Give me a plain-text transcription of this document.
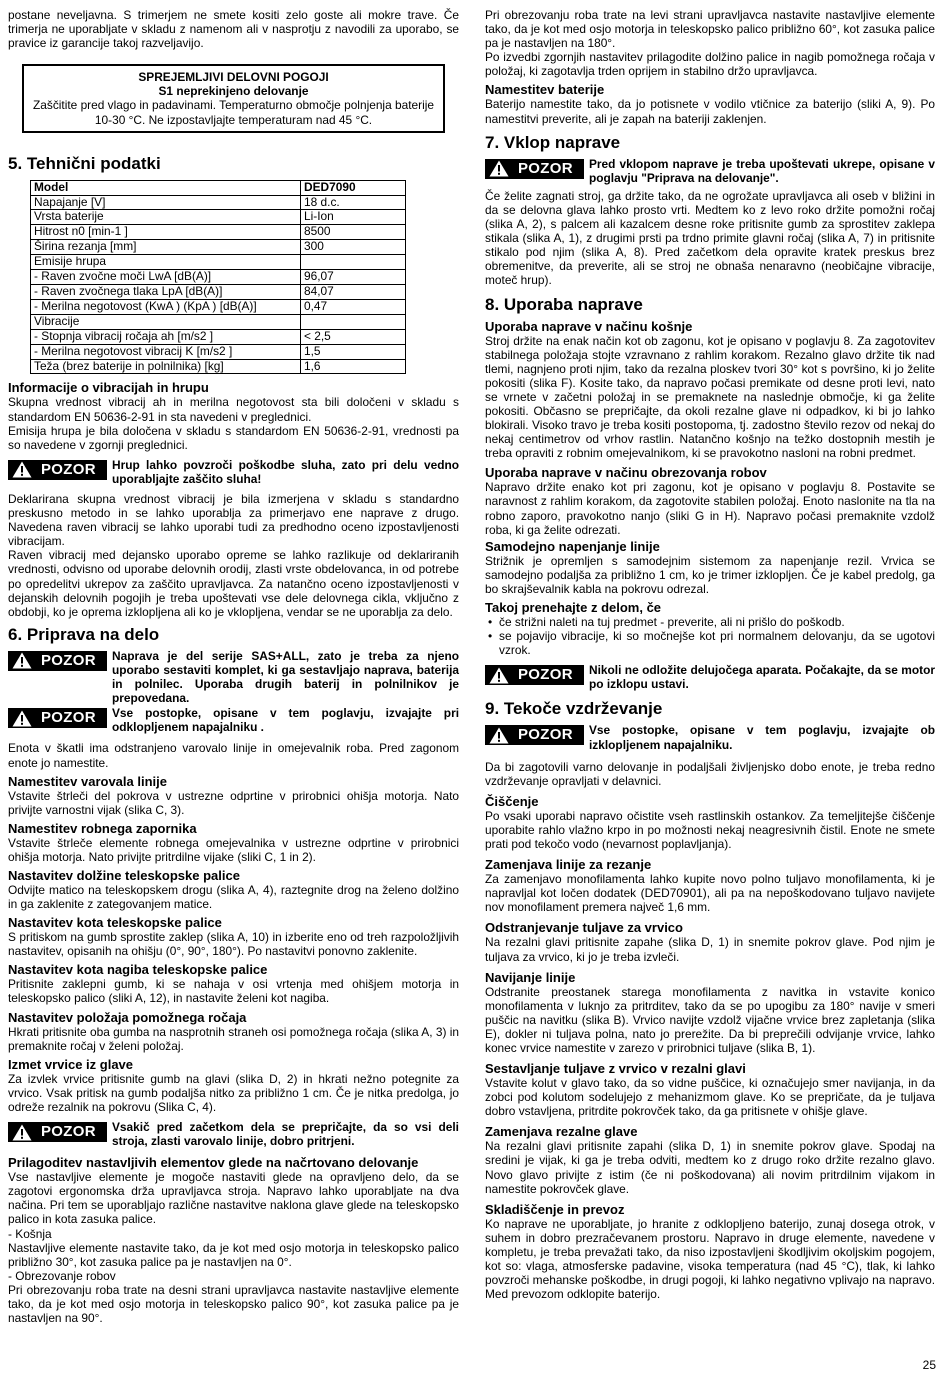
postane neveljavna. S trimerjem ne smete kositi zelo goste ali mokre trave. Če trimerja ne uporabljate v skladu z namenom ali v nasprotju z navodili za uporabo, se pravice iz garancije takoj razveljavijo.

SPREJEMLJIVI DELOVNI POGOJI
S1 neprekinjeno delovanje
Zaščitite pred vlago in padavinami. Temperaturno območje polnjenja baterije 10-30 °C. Ne izpostavljajte temperaturam nad 45 °C.
5. Tehnični podatki
Model	DED7090
Napajanje [V]	18 d.c.
Vrsta baterije	Li-Ion
Hitrost n0 [min-1 ]	8500
Širina rezanja [mm]	300
Emisije hrupa	
- Raven zvočne moči LwA [dB(A)]	96,07
- Raven zvočnega tlaka LpA [dB(A)]	84,07
- Merilna negotovost (KwA ) (KpA ) [dB(A)]	0,47
Vibracije	
- Stopnja vibracij ročaja ah [m/s2 ]	< 2,5
- Merilna negotovost vibracij K [m/s2 ]	1,5
Teža (brez baterije in polnilnika) [kg]	1,6
Informacije o vibracijah in hrupu

Skupna vrednost vibracij ah in merilna negotovost sta bili določeni v skladu s standardom EN 50636-2-91 in sta navedeni v preglednici.

Emisija hrupa je bila določena v skladu s standardom EN 50636-2-91, vrednosti pa so navedene v zgornji preglednici.

POZOR Hrup lahko povzroči poškodbe sluha, zato pri delu vedno uporabljajte zaščito sluha!

Deklarirana skupna vrednost vibracij je bila izmerjena v skladu s standardno preskusno metodo in se lahko uporablja za primerjavo ene naprave z drugo. Navedena raven vibracij se lahko uporabi tudi za predhodno oceno izpostavljenosti vibracijam.

Raven vibracij med dejansko uporabo opreme se lahko razlikuje od deklariranih vrednosti, odvisno od uporabe delovnih orodij, zlasti vrste obdelovanca, in od potrebe po opredelitvi ukrepov za zaščito upravljavca. Za natančno oceno izpostavljenosti v dejanskih delovnih pogojih je treba upoštevati vse dele delovnega cikla, vključno z obdobji, ko je oprema izklopljena ali ko je vklopljena, vendar se ne uporablja za delo.

6. Priprava na delo
POZOR Naprava je del serije SAS+ALL, zato je treba za njeno uporabo sestaviti komplet, ki ga sestavljajo naprava, baterija in polnilec. Uporaba drugih baterij in polnilnikov je prepovedana.
POZOR Vse postopke, opisane v tem poglavju, izvajajte pri odklopljenem napajalniku .

Enota v škatli ima odstranjeno varovalo linije in omejevalnik roba. Pred zagonom enote jo namestite.

Namestitev varovala linije

Vstavite štrleči del pokrova v ustrezne odprtine v prirobnici ohišja motorja. Nato privijte varnostni vijak (slika C, 3).

Namestitev robnega zapornika

Vstavite štrleče elemente robnega omejevalnika v ustrezne odprtine v prirobnici ohišja motorja. Nato privijte pritrdilne vijake (sliki C, 1 in 2).

Nastavitev dolžine teleskopske palice

Odvijte matico na teleskopskem drogu (slika A, 4), raztegnite drog na želeno dolžino in ga zaklenite z zategovanjem matice.

Nastavitev kota teleskopske palice

S pritiskom na gumb sprostite zaklep (slika A, 10) in izberite eno od treh razpoložljivih nastavitev, opisanih na ohišju (0°, 90°, 180°). Po nastavitvi ponovno zaklenite.

Nastavitev kota nagiba teleskopske palice

Pritisnite zaklepni gumb, ki se nahaja v osi vrtenja med ohišjem motorja in teleskopsko palico (sliki A, 12), in nastavite želeni kot nagiba.

Nastavitev položaja pomožnega ročaja

Hkrati pritisnite oba gumba na nasprotnih straneh osi pomožnega ročaja (slika A, 3) in premaknite ročaj v želeni položaj.

Izmet vrvice iz glave

Za izvlek vrvice pritisnite gumb na glavi (slika D, 2) in hkrati nežno potegnite za vrvico. Vsak pritisk na gumb podaljša nitko za približno 1 cm. Če je nitka predolga, jo odreže rezalnik na pokrovu (Slika C, 4).

POZOR Vsakič pred začetkom dela se prepričajte, da so vsi deli stroja, zlasti varovalo linije, dobro pritrjeni.
Prilagoditev nastavljivih elementov glede na načrtovano delovanje

Vse nastavljive elemente je mogoče nastaviti glede na opravljeno delo, da se zagotovi ergonomska drža upravljavca stroja. Napravo lahko uporabljate na dva načina. Pri tem se uporabljajo različne nastavitve naklona glave glede na teleskopsko palico in kota zasuka palice.

- Košnja

Nastavljive elemente nastavite tako, da je kot med osjo motorja in teleskopsko palico približno 30°, kot zasuka palice pa je nastavljen na 0°.

- Obrezovanje robov

Pri obrezovanju roba trate na desni strani upravljavca nastavite nastavljive elemente tako, da je kot med osjo motorja in teleskopsko palico 90°, kot zasuka palice pa je nastavljen na 90°.

Pri obrezovanju roba trate na levi strani upravljavca nastavite nastavljive elemente tako, da je kot med osjo motorja in teleskopsko palico približno 60°, kot zasuka palice pa je nastavljen na 180°.

Po izvedbi zgornjih nastavitev prilagodite dolžino palice in nagib pomožnega ročaja v položaj, ki zagotavlja trden oprijem in stabilno držo upravljavca.

Namestitev baterije

Baterijo namestite tako, da jo potisnete v vodilo vtičnice za baterijo (sliki A, 9). Po namestitvi preverite, ali je zapah na bateriji zaklenjen.

7. Vklop naprave
POZOR Pred vklopom naprave je treba upoštevati ukrepe, opisane v poglavju "Priprava na delovanje".

Če želite zagnati stroj, ga držite tako, da ne ogrožate upravljavca ali oseb v bližini in da se delovna glava lahko prosto vrti. Medtem ko z levo roko držite pomožni ročaj (slika A, 2), s palcem ali kazalcem desne roke pritisnite gumb za sprostitev zaklepa stikala (slika A, 1), z drugimi prsti pa trdno primite glavni ročaj (slika A, 7) in pritisnite stikalo pod njim (slika A, 8). Pred začetkom dela opravite kratek preskus brez obremenitve, da preverite, ali se stroj ne obnaša nenaravno (neobičajne vibracije, moteč hrup).

8. Uporaba naprave
Uporaba naprave v načinu košnje

Stroj držite na enak način kot ob zagonu, kot je opisano v poglavju 8. Za zagotovitev stabilnega položaja stojte vzravnano z rahlim korakom. Rezalno glavo držite tik nad tlemi, nagnjeno proti njim, tako da rezalna ploskev tvori 30° kot s površino, ki jo želite pokositi (slika F). Kosite tako, da napravo počasi premikate od desne proti levi, nato se vrnete v začetni položaj in se premaknete na naslednje območje, ki ga želite pokositi. Občasno se prepričajte, da okoli rezalne glave ni odpadkov, ki bi jo lahko blokirali. Visoko travo je treba kositi postopoma, tj. zadostno število rezov od nekaj do nekaj centimetrov od vrhov rastlin. Natančno košnjo na težko dostopnih mestih je treba opraviti z robnim omejevalnikom, ki se pravokotno nasloni na robni predmet.

Uporaba naprave v načinu obrezovanja robov

Napravo držite enako kot pri zagonu, kot je opisano v poglavju 8. Postavite se naravnost z rahlim korakom, da zagotovite stabilen položaj. Enoto naslonite na tla na robno zaporo, pravokotno nanjo (sliki G in H). Napravo počasi premaknite vzdolž roba, ki ga želite odrezati.

Samodejno napenjanje linije

Strižnik je opremljen s samodejnim sistemom za napenjanje rezil. Vrvica se samodejno podaljša za približno 1 cm, ko je trimer izklopljen. Če je kabel predolg, ga bo skrajševalnik kabla na pokrovu odrezal.

Takoj prenehajte z delom, če
• če strižni naleti na tuj predmet - preverite, ali ni prišlo do poškodb.
• se pojavijo vibracije, ki so močnejše kot pri normalnem delovanju, da se ugotovi vzrok.
POZOR Nikoli ne odložite delujočega aparata. Počakajte, da se motor po izklopu ustavi.
9. Tekoče vzdrževanje
POZOR Vse postopke, opisane v tem poglavju, izvajajte ob izklopljenem napajalniku.

Da bi zagotovili varno delovanje in podaljšali življenjsko dobo enote, je treba redno vzdrževanje opravljati v delavnici.

Čiščenje

Po vsaki uporabi napravo očistite vseh rastlinskih ostankov. Za temeljitejše čiščenje uporabite rahlo vlažno krpo in po možnosti nekaj neagresivnih čistil. Enote ne smete prati pod tekočo vodo (nevarnost poplavljanja).

Zamenjava linije za rezanje

Za zamenjavo monofilamenta lahko kupite novo polno tuljavo monofilamenta, ki je napravljal kot ločen dodatek (DED70901), ali pa na nepoškodovano tuljavo navijete nov monofilament premera največ 1,6 mm.

Odstranjevanje tuljave za vrvico

Na rezalni glavi pritisnite zapahe (slika D, 1) in snemite pokrov glave. Pod njim je tuljava za vrvico, ki jo je treba izvleči.

Navijanje linije

Odstranite preostanek starega monofilamenta z navitka in vstavite konico monofilamenta v luknjo za pritrditev, tako da se po upogibu za 180° navije v smeri puščic na navitku (slika B). Vrvico navijte vzdolž vijačne vrvice brez zapletanja (slika E), dokler ni tuljava polna, nato jo prerežite. Da bi preprečili odvijanje vrvice, lahko konec vrvice namestite v zarezo v prirobnici tuljave (slika B, 1).

Sestavljanje tuljave z vrvico v rezalni glavi

Vstavite kolut v glavo tako, da so vidne puščice, ki označujejo smer navijanja, in da zobci pod kolutom sodelujejo z mehanizmom glave. Ko se prepričate, da je tuljava dobro vstavljena, pritrdite pokrovček tako, da ga pritisnete v ohišje glave.

Zamenjava rezalne glave

Na rezalni glavi pritisnite zapahi (slika D, 1) in snemite pokrov glave. Spodaj na sredini je vijak, ki ga je treba odviti, medtem ko z drugo roko držite rezalno glavo. Novo glavo privijte z istim (če ni poškodovana) ali novim pritrdilnim vijakom in namestite pokrovček glave.

Skladiščenje in prevoz

Ko naprave ne uporabljate, jo hranite z odklopljeno baterijo, zunaj dosega otrok, v suhem in dobro prezračevanem prostoru. Napravo in druge elemente, navedene v kompletu, je treba prevažati tako, da niso izpostavljeni škodljivim okoljskim pogojem, kot so: vlaga, atmosferske padavine, visoka temperatura (nad 45 °C), tlak, ki lahko povzroči mehanske poškodbe, in drugi pogoji, ki lahko negativno vplivajo na napravo. Med prevozom odklopite baterijo.

25
